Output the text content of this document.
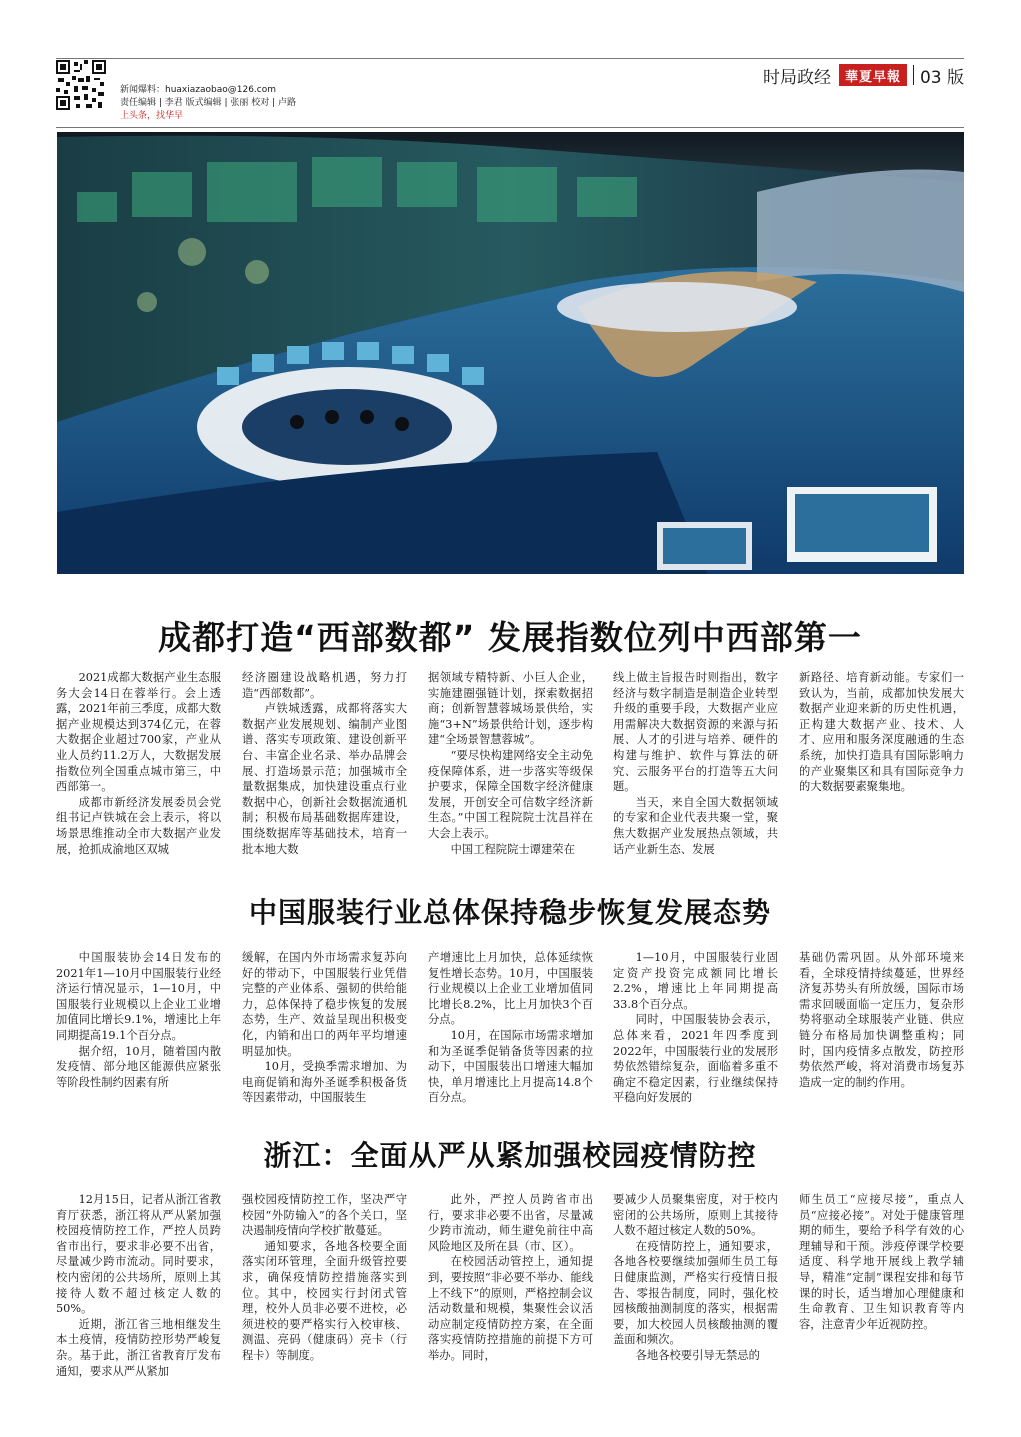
新闻爆料：huaxiazaobao@126.com
责任编辑 | 李君 版式编辑 | 张丽 校对 | 卢路
上头条，找华早
时局政经	華夏早報	03 版
成都打造“西部数都” 发展指数位列中西部第一

2021成都大数据产业生态服务大会14日在蓉举行。会上透露，2021年前三季度，成都大数据产业规模达到374亿元，在蓉大数据企业超过700家，产业从业人员约11.2万人，大数据发展指数位列全国重点城市第三，中西部第一。

成都市新经济发展委员会党组书记卢铁城在会上表示，将以场景思维推动全市大数据产业发展，抢抓成渝地区双城

经济圈建设战略机遇，努力打造“西部数都”。

卢铁城透露，成都将落实大数据产业发展规划、编制产业图谱、落实专项政策、建设创新平台、丰富企业名录、举办品牌会展、打造场景示范；加强城市全量数据集成，加快建设重点行业数据中心，创新社会数据流通机制；积极布局基础数据库建设，围绕数据库等基础技术，培育一批本地大数

据领域专精特新、小巨人企业，实施建圈强链计划，探索数据招商；创新智慧蓉城场景供给，实施“3+N”场景供给计划，逐步构建“全场景智慧蓉城”。

“要尽快构建网络安全主动免疫保障体系，进一步落实等级保护要求，保障全国数字经济健康发展，开创安全可信数字经济新生态。”中国工程院院士沈昌祥在大会上表示。

中国工程院院士谭建荣在

线上做主旨报告时则指出，数字经济与数字制造是制造企业转型升级的重要手段，大数据产业应用需解决大数据资源的来源与拓展、人才的引进与培养、硬件的构建与维护、软件与算法的研究、云服务平台的打造等五大问题。

当天，来自全国大数据领域的专家和企业代表共聚一堂，聚焦大数据产业发展热点领域，共话产业新生态、发展

新路径、培育新动能。专家们一致认为，当前，成都加快发展大数据产业迎来新的历史性机遇，正构建大数据产业、技术、人才、应用和服务深度融通的生态系统，加快打造具有国际影响力的产业聚集区和具有国际竞争力的大数据要素聚集地。

中国服装行业总体保持稳步恢复发展态势

中国服装协会14日发布的2021年1—10月中国服装行业经济运行情况显示，1—10月，中国服装行业规模以上企业工业增加值同比增长9.1%，增速比上年同期提高19.1个百分点。

据介绍，10月，随着国内散发疫情、部分地区能源供应紧张等阶段性制约因素有所

缓解，在国内外市场需求复苏向好的带动下，中国服装行业凭借完整的产业体系、强韧的供给能力，总体保持了稳步恢复的发展态势，生产、效益呈现出积极变化，内销和出口的两年平均增速明显加快。

10月，受换季需求增加、为电商促销和海外圣诞季积极备货等因素带动，中国服装生

产增速比上月加快，总体延续恢复性增长态势。10月，中国服装行业规模以上企业工业增加值同比增长8.2%，比上月加快3个百分点。

10月，在国际市场需求增加和为圣诞季促销备货等因素的拉动下，中国服装出口增速大幅加快，单月增速比上月提高14.8个百分点。

1—10月，中国服装行业固定资产投资完成额同比增长2.2%，增速比上年同期提高33.8个百分点。

同时，中国服装协会表示，总体来看，2021年四季度到2022年，中国服装行业的发展形势依然错综复杂，面临着多重不确定不稳定因素，行业继续保持平稳向好发展的

基础仍需巩固。从外部环境来看，全球疫情持续蔓延，世界经济复苏势头有所放缓，国际市场需求回暖面临一定压力，复杂形势将驱动全球服装产业链、供应链分布格局加快调整重构；同时，国内疫情多点散发，防控形势依然严峻，将对消费市场复苏造成一定的制约作用。

浙江：全面从严从紧加强校园疫情防控

12月15日，记者从浙江省教育厅获悉，浙江将从严从紧加强校园疫情防控工作，严控人员跨省市出行，要求非必要不出省，尽量减少跨市流动。同时要求，校内密闭的公共场所，原则上其接待人数不超过核定人数的50%。

近期，浙江省三地相继发生本土疫情，疫情防控形势严峻复杂。基于此，浙江省教育厅发布通知，要求从严从紧加

强校园疫情防控工作，坚决严守校园“外防输入”的各个关口，坚决遏制疫情向学校扩散蔓延。

通知要求，各地各校要全面落实闭环管理，全面升级管控要求，确保疫情防控措施落实到位。其中，校园实行封闭式管理，校外人员非必要不进校，必须进校的要严格实行入校审核、测温、亮码（健康码）亮卡（行程卡）等制度。

此外，严控人员跨省市出行，要求非必要不出省，尽量减少跨市流动，师生避免前往中高风险地区及所在县（市、区）。

在校园活动管控上，通知提到，要按照“非必要不举办、能线上不线下”的原则，严格控制会议活动数量和规模，集聚性会议活动应制定疫情防控方案，在全面落实疫情防控措施的前提下方可举办。同时，

要减少人员聚集密度，对于校内密闭的公共场所，原则上其接待人数不超过核定人数的50%。

在疫情防控上，通知要求，各地各校要继续加强师生员工每日健康监测，严格实行疫情日报告、零报告制度，同时，强化校园核酸抽测制度的落实，根据需要，加大校园人员核酸抽测的覆盖面和频次。

各地各校要引导无禁忌的

师生员工“应接尽接”，重点人员“应接必接”。对处于健康管理期的师生，要给予科学有效的心理辅导和干预。涉疫停课学校要适度、科学地开展线上教学辅导，精准“定制”课程安排和每节课的时长，适当增加心理健康和生命教育、卫生知识教育等内容，注意青少年近视防控。
